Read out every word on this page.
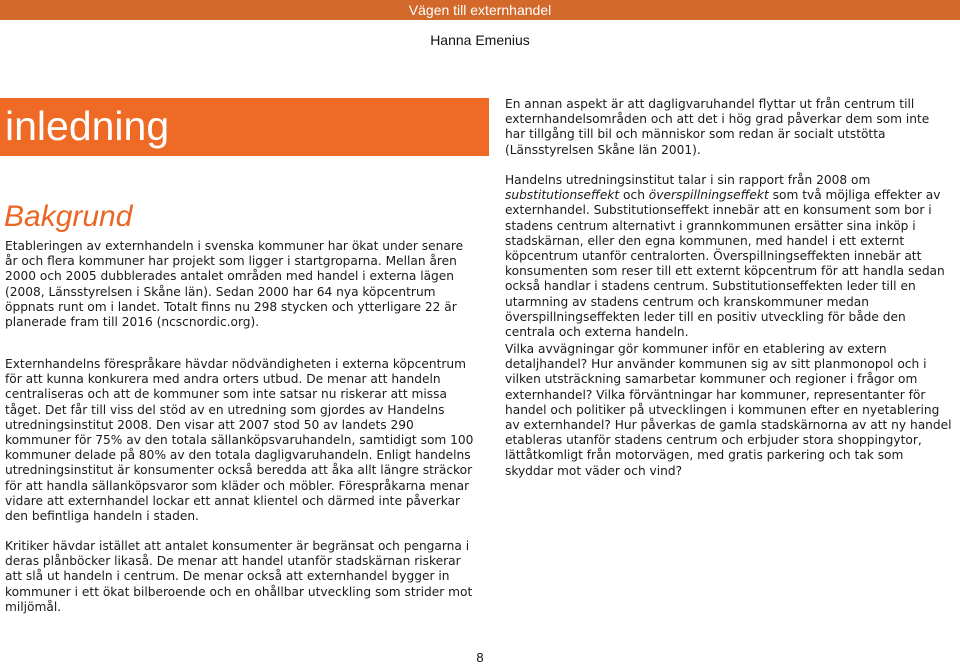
Vägen till externhandel
Hanna Emenius
inledning
Bakgrund

Etableringen av externhandeln i svenska kommuner har ökat under senare år och flera kommuner har projekt som ligger i startgroparna. Mellan åren 2000 och 2005 dubblerades antalet områden med handel i externa lägen (2008, Länsstyrelsen i Skåne län). Sedan 2000 har 64 nya köpcentrum öppnats runt om i landet. Totalt finns nu 298 stycken och ytterligare 22 är planerade fram till 2016 (ncscnordic.org).

Externhandelns förespråkare hävdar nödvändigheten i externa köpcentrum för att kunna konkurera med andra orters utbud. De menar att handeln centraliseras och att de kommuner som inte satsar nu riskerar att missa tåget. Det får till viss del stöd av en utredning som gjordes av Handelns utredningsinstitut 2008. Den visar att 2007 stod 50 av landets 290 kommuner för 75% av den totala sällanköpsvaruhandeln, samtidigt som 100 kommuner delade på 80% av den totala dagligvaruhandeln. Enligt handelns utredningsinstitut är konsumenter också beredda att åka allt längre sträckor för att handla sällanköpsvaror som kläder och möbler. Förespråkarna menar vidare att externhandel lockar ett annat klientel och därmed inte påverkar den befintliga handeln i staden.

Kritiker hävdar istället att antalet konsumenter är begränsat och pengarna i deras plånböcker likaså. De menar att handel utanför stadskärnan riskerar att slå ut handeln i centrum. De menar också att externhandel bygger in kommuner i ett ökat bilberoende och en ohållbar utveckling som strider mot miljömål.

En annan aspekt är att dagligvaruhandel flyttar ut från centrum till externhandelsområden och att det i hög grad påverkar dem som inte har tillgång till bil och människor som redan är socialt utstötta (Länsstyrelsen Skåne län 2001).

Handelns utredningsinstitut talar i sin rapport från 2008 om substitutionseffekt och överspillningseffekt som två möjliga effekter av externhandel. Substitutionseffekt innebär att en konsument som bor i stadens centrum alternativt i grannkommunen ersätter sina inköp i stadskärnan, eller den egna kommunen, med handel i ett externt köpcentrum utanför centralorten. Överspillningseffekten innebär att konsumenten som reser till ett externt köpcentrum för att handla sedan också handlar i stadens centrum. Substitutionseffekten leder till en utarmning av stadens centrum och kranskommuner medan överspillningseffekten leder till en positiv utveckling för både den centrala och externa handeln.

Vilka avvägningar gör kommuner inför en etablering av extern detaljhandel? Hur använder kommunen sig av sitt planmonopol och i vilken utsträckning samarbetar kommuner och regioner i frågor om externhandel? Vilka förväntningar har kommuner, representanter för handel och politiker på utvecklingen i kommunen efter en nyetablering av externhandel? Hur påverkas de gamla stadskärnorna av att ny handel etableras utanför stadens centrum och erbjuder stora shoppingytor, lättåtkomligt från motorvägen, med gratis parkering och tak som skyddar mot väder och vind?

8
